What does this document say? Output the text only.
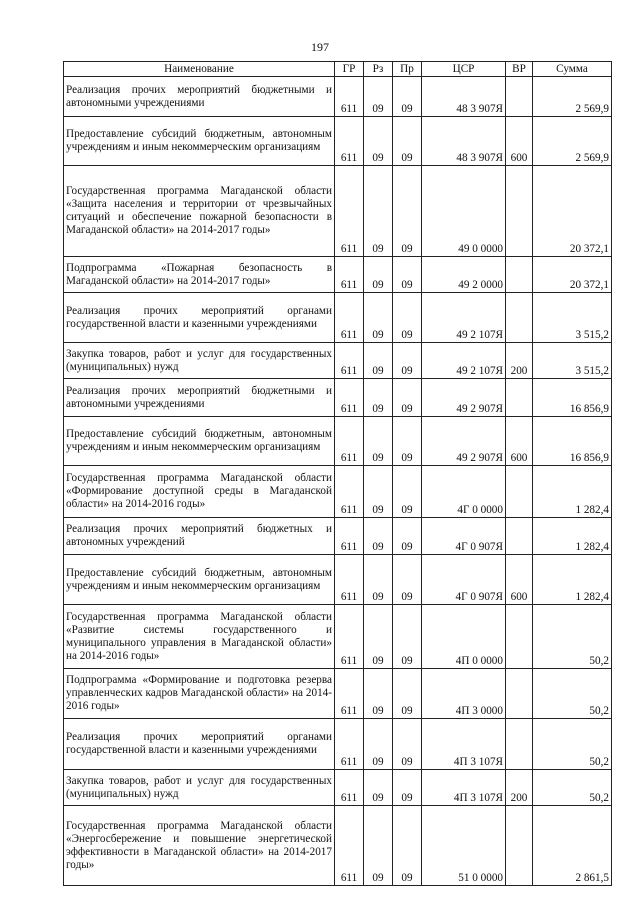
197
Наименование	ГР	Рз	Пр	ЦСР	ВР	Сумма
Реализация прочих мероприятий бюджетными и автономными учреждениями	611	09	09	48 3 907Я		2 569,9
Предоставление субсидий бюджетным, автономным учреждениям и иным некоммерческим организациям	611	09	09	48 3 907Я	600	2 569,9
Государственная программа Магаданской области «Защита населения и территории от чрезвычайных ситуаций и обеспечение пожарной безопасности в Магаданской области» на 2014-2017 годы»	611	09	09	49 0 0000		20 372,1
Подпрограмма «Пожарная безопасность в Магаданской области» на 2014-2017 годы»	611	09	09	49 2 0000		20 372,1
Реализация прочих мероприятий органами государственной власти и казенными учреждениями	611	09	09	49 2 107Я		3 515,2
Закупка товаров, работ и услуг для государственных (муниципальных) нужд	611	09	09	49 2 107Я	200	3 515,2
Реализация прочих мероприятий бюджетными и автономными учреждениями	611	09	09	49 2 907Я		16 856,9
Предоставление субсидий бюджетным, автономным учреждениям и иным некоммерческим организациям	611	09	09	49 2 907Я	600	16 856,9
Государственная программа Магаданской области «Формирование доступной среды в Магаданской области» на 2014-2016 годы»	611	09	09	4Г 0 0000		1 282,4
Реализация прочих мероприятий бюджетных и автономных учреждений	611	09	09	4Г 0 907Я		1 282,4
Предоставление субсидий бюджетным, автономным учреждениям и иным некоммерческим организациям	611	09	09	4Г 0 907Я	600	1 282,4
Государственная программа Магаданской области «Развитие системы государственного и муниципального управления в Магаданской области» на 2014-2016 годы»	611	09	09	4П 0 0000		50,2
Подпрограмма «Формирование и подготовка резерва управленческих кадров Магаданской области» на 2014-2016 годы»	611	09	09	4П 3 0000		50,2
Реализация прочих мероприятий органами государственной власти и казенными учреждениями	611	09	09	4П 3 107Я		50,2
Закупка товаров, работ и услуг для государственных (муниципальных) нужд	611	09	09	4П 3 107Я	200	50,2
Государственная программа Магаданской области «Энергосбережение и повышение энергетической эффективности в Магаданской области» на 2014-2017 годы»	611	09	09	51 0 0000		2 861,5
